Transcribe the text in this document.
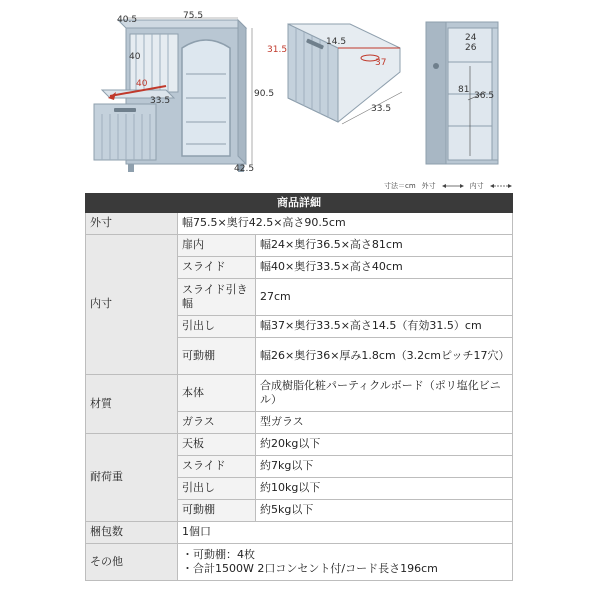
75.5
40.5
90.5
42.5
40
40
33.5
31.5
14.5
37
33.5
24
26
81
36.5
寸法＝cm 外寸	内寸
商品詳細		
外寸	幅75.5×奥行42.5×高さ90.5cm	
内寸	扉内	幅24×奥行36.5×高さ81cm
	スライド	幅40×奥行33.5×高さ40cm
	スライド引き幅	27cm
	引出し	幅37×奥行33.5×高さ14.5（有効31.5）cm
	可動棚	幅26×奥行36×厚み1.8cm（3.2cmピッチ17穴）
材質	本体	合成樹脂化粧パーティクルボード（ポリ塩化ビニル）
	ガラス	型ガラス
耐荷重	天板	約20kg以下
	スライド	約7kg以下
	引出し	約10kg以下
	可動棚	約5kg以下
梱包数	1個口	
その他	・可動棚：4枚
・合計1500W 2口コンセント付/コード長さ196cm	
